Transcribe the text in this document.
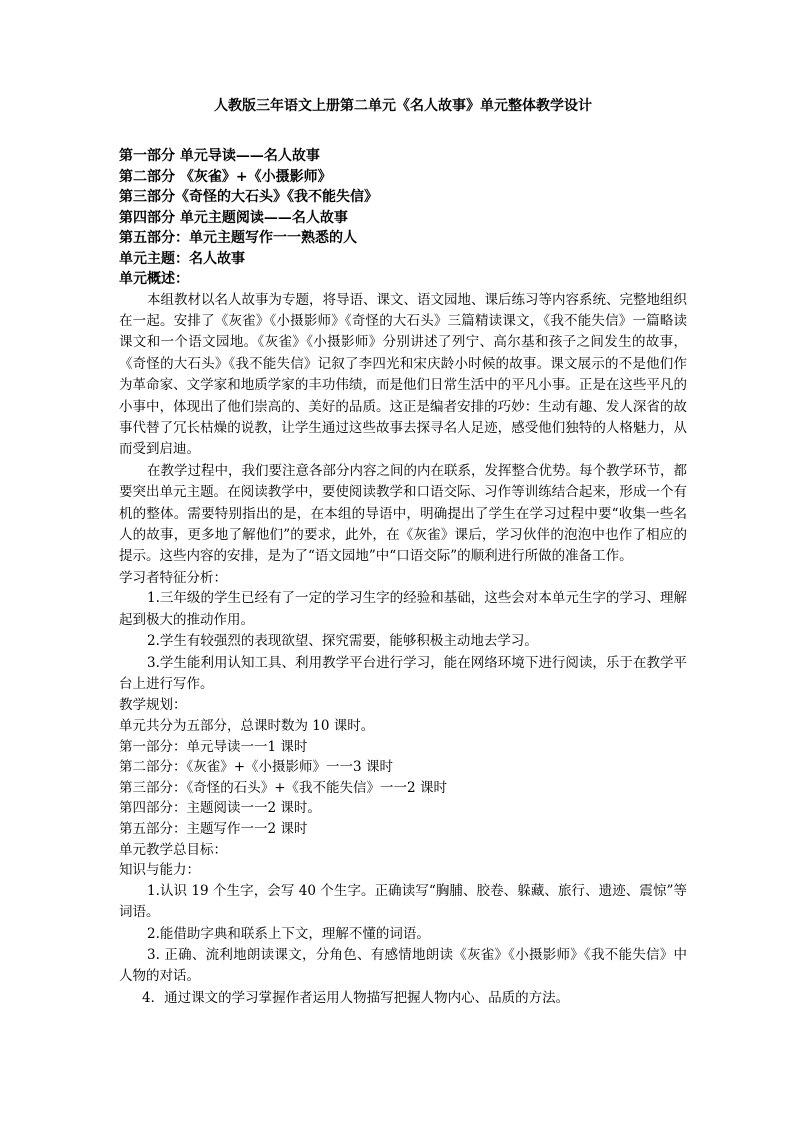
人教版三年语文上册第二单元《名人故事》单元整体教学设计
第一部分 单元导读——名人故事
第二部分 《灰雀》+《小摄影师》
第三部分《奇怪的大石头》《我不能失信》
第四部分 单元主题阅读——名人故事
第五部分：单元主题写作一一熟悉的人
单元主题：名人故事
单元概述：

本组教材以名人故事为专题，将导语、课文、语文园地、课后练习等内容系统、完整地组织在一起。安排了《灰雀》《小摄影师》《奇怪的大石头》三篇精读课文，《我不能失信》一篇略读课文和一个语文园地。《灰雀》《小摄影师》分别讲述了列宁、高尔基和孩子之间发生的故事，《奇怪的大石头》《我不能失信》记叙了李四光和宋庆龄小时候的故事。课文展示的不是他们作为革命家、文学家和地质学家的丰功伟绩，而是他们日常生活中的平凡小事。正是在这些平凡的小事中，体现出了他们崇高的、美好的品质。这正是编者安排的巧妙：生动有趣、发人深省的故事代替了冗长枯燥的说教，让学生通过这些故事去探寻名人足迹，感受他们独特的人格魅力，从而受到启迪。

在教学过程中，我们要注意各部分内容之间的内在联系，发挥整合优势。每个教学环节，都要突出单元主题。在阅读教学中，要使阅读教学和口语交际、习作等训练结合起来，形成一个有机的整体。需要特别指出的是，在本组的导语中，明确提出了学生在学习过程中要“收集一些名人的故事，更多地了解他们”的要求，此外，在《灰雀》课后，学习伙伴的泡泡中也作了相应的提示。这些内容的安排，是为了“语文园地”中“口语交际”的顺利进行所做的准备工作。

学习者特征分析：

1.三年级的学生已经有了一定的学习生字的经验和基础，这些会对本单元生字的学习、理解起到极大的推动作用。

2.学生有较强烈的表现欲望、探究需要，能够积极主动地去学习。

3.学生能利用认知工具、利用教学平台进行学习，能在网络环境下进行阅读，乐于在教学平台上进行写作。

教学规划：
单元共分为五部分，总课时数为 10 课时。
第一部分：单元导读一一1 课时
第二部分：《灰雀》+《小摄影师》一一3 课时
第三部分：《奇怪的石头》+《我不能失信》一一2 课时
第四部分：主题阅读一一2 课时。
第五部分：主题写作一一2 课时
单元教学总目标：
知识与能力：

1.认识 19 个生字，会写 40 个生字。正确读写“胸脯、胶卷、躲藏、旅行、遗迹、震惊”等词语。

2.能借助字典和联系上下文，理解不懂的词语。

3. 正确、流利地朗读课文，分角色、有感情地朗读《灰雀》《小摄影师》《我不能失信》中人物的对话。

4．通过课文的学习掌握作者运用人物描写把握人物内心、品质的方法。
